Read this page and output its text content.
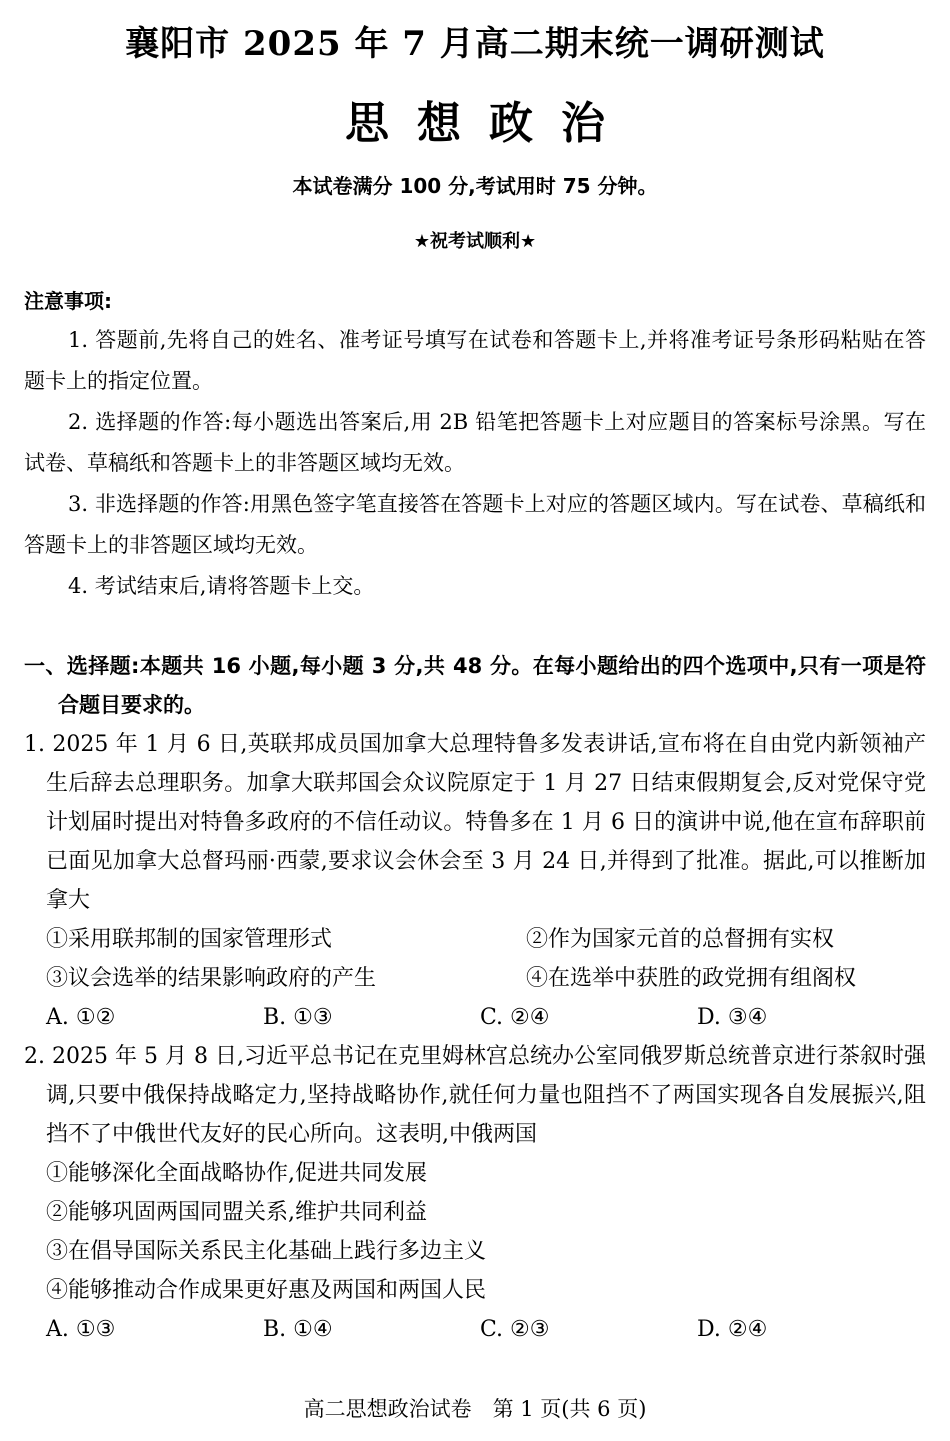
襄阳市 2025 年 7 月高二期末统一调研测试
思想政治
本试卷满分 100 分,考试用时 75 分钟。
★祝考试顺利★
注意事项:

1. 答题前,先将自己的姓名、准考证号填写在试卷和答题卡上,并将准考证号条形码粘贴在答题卡上的指定位置。

2. 选择题的作答:每小题选出答案后,用 2B 铅笔把答题卡上对应题目的答案标号涂黑。写在试卷、草稿纸和答题卡上的非答题区域均无效。

3. 非选择题的作答:用黑色签字笔直接答在答题卡上对应的答题区域内。写在试卷、草稿纸和答题卡上的非答题区域均无效。

4. 考试结束后,请将答题卡上交。

一、选择题:本题共 16 小题,每小题 3 分,共 48 分。在每小题给出的四个选项中,只有一项是符合题目要求的。

1. 2025 年 1 月 6 日,英联邦成员国加拿大总理特鲁多发表讲话,宣布将在自由党内新领袖产生后辞去总理职务。加拿大联邦国会众议院原定于 1 月 27 日结束假期复会,反对党保守党计划届时提出对特鲁多政府的不信任动议。特鲁多在 1 月 6 日的演讲中说,他在宣布辞职前已面见加拿大总督玛丽·西蒙,要求议会休会至 3 月 24 日,并得到了批准。据此,可以推断加拿大

①采用联邦制的国家管理形式	②作为国家元首的总督拥有实权
③议会选举的结果影响政府的产生	④在选举中获胜的政党拥有组阁权
A. ①②	B. ①③	C. ②④	D. ③④

2. 2025 年 5 月 8 日,习近平总书记在克里姆林宫总统办公室同俄罗斯总统普京进行茶叙时强调,只要中俄保持战略定力,坚持战略协作,就任何力量也阻挡不了两国实现各自发展振兴,阻挡不了中俄世代友好的民心所向。这表明,中俄两国

①能够深化全面战略协作,促进共同发展
②能够巩固两国同盟关系,维护共同利益
③在倡导国际关系民主化基础上践行多边主义
④能够推动合作成果更好惠及两国和两国人民
A. ①③	B. ①④	C. ②③	D. ②④
高二思想政治试卷　第 1 页(共 6 页)
